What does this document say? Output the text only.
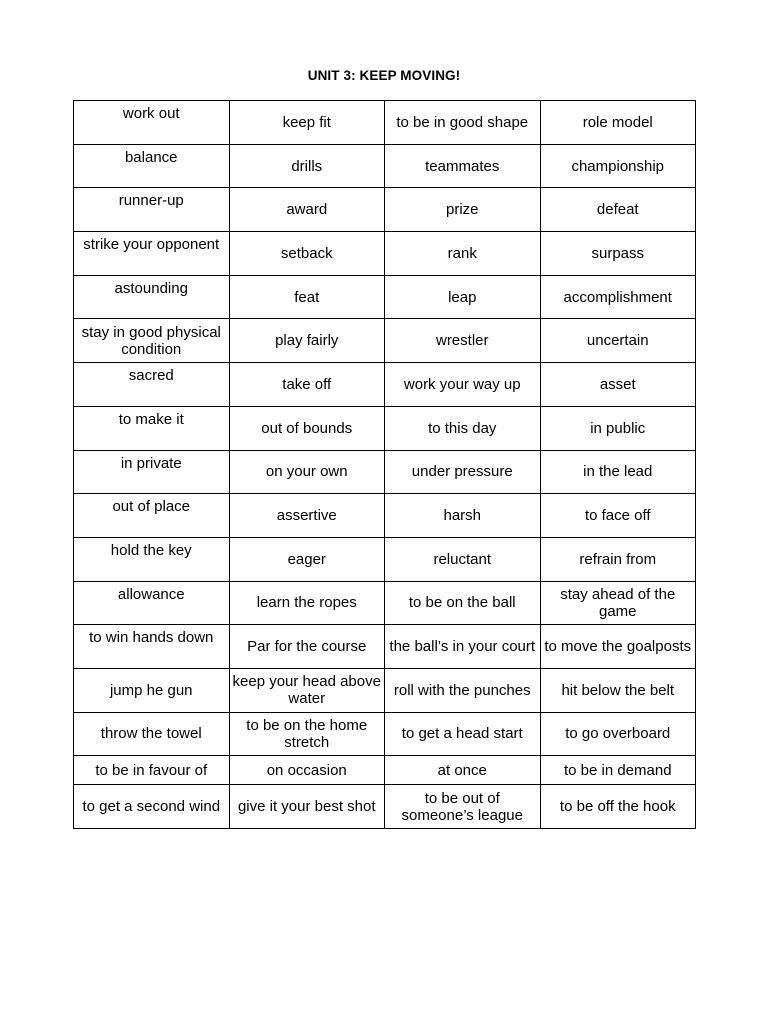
UNIT 3: KEEP MOVING!
work out	keep fit	to be in good shape	role model
balance	drills	teammates	championship
runner-up	award	prize	defeat
strike your opponent	setback	rank	surpass
astounding	feat	leap	accomplishment
stay in good physical condition	play fairly	wrestler	uncertain
sacred	take off	work your way up	asset
to make it	out of bounds	to this day	in public
in private	on your own	under pressure	in the lead
out of place	assertive	harsh	to face off
hold the key	eager	reluctant	refrain from
allowance	learn the ropes	to be on the ball	stay ahead of the game
to win hands down	Par for the course	the ball’s in your court	to move the goalposts
jump he gun	keep your head above water	roll with the punches	hit below the belt
throw the towel	to be on the home stretch	to get a head start	to go overboard
to be in favour of	on occasion	at once	to be in demand
to get a second wind	give it your best shot	to be out of someone’s league	to be off the hook
